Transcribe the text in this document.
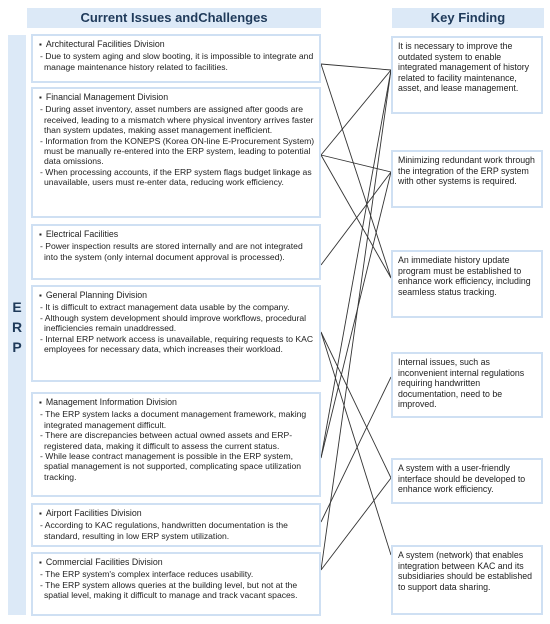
Current Issues andChallenges	Key Finding
E
R
P
▪ Architectural Facilities Division
- Due to system aging and slow booting, it is impossible to integrate and manage maintenance history related to facilities.
▪ Financial Management Division
- During asset inventory, asset numbers are assigned after goods are received, leading to a mismatch where physical inventory arrives faster than system updates, making asset management inefficient.
- Information from the KONEPS (Korea ON-line E-Procurement System) must be manually re-entered into the ERP system, leading to potential data omissions.
- When processing accounts, if the ERP system flags budget linkage as unavailable, users must re-enter data, reducing work efficiency.
▪ Electrical Facilities
- Power inspection results are stored internally and are not integrated into the system (only internal document approval is processed).
▪ General Planning Division
- It is difficult to extract management data usable by the company.
- Although system development should improve workflows, procedural inefficiencies remain unaddressed.
- Internal ERP network access is unavailable, requiring requests to KAC employees for necessary data, which increases their workload.
▪ Management Information Division
- The ERP system lacks a document management framework, making integrated management difficult.
- There are discrepancies between actual owned assets and ERP-registered data, making it difficult to assess the current status.
- While lease contract management is possible in the ERP system, spatial management is not supported, complicating space utilization tracking.
▪ Airport Facilities Division
- According to KAC regulations, handwritten documentation is the standard, resulting in low ERP system utilization.
▪ Commercial Facilities Division
- The ERP system's complex interface reduces usability.
- The ERP system allows queries at the building level, but not at the spatial level, making it difficult to manage and track vacant spaces.
It is necessary to improve the outdated system to enable integrated management of history related to facility maintenance, asset, and lease management.
Minimizing redundant work through the integration of the ERP system with other systems is required.
An immediate history update program must be established to enhance work efficiency, including seamless status tracking.
Internal issues, such as inconvenient internal regulations requiring handwritten documentation, need to be improved.
A system with a user-friendly interface should be developed to enhance work efficiency.
A system (network) that enables integration between KAC and its subsidiaries should be established to support data sharing.
